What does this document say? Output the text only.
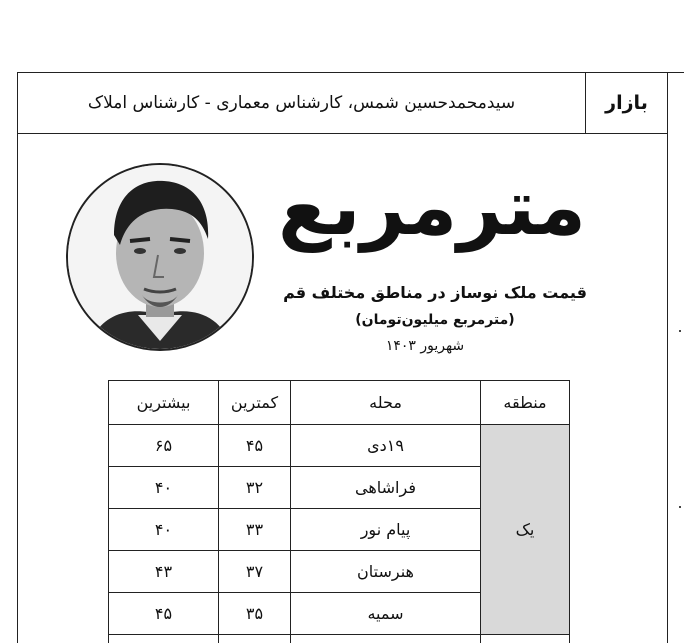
بازار
سیدمحمدحسین شمس، کارشناس معماری - کارشناس املاک
مترمربع
قیمت ملک نوساز در مناطق مختلف قم
(مترمربع میلیون‌تومان)
شهریور ۱۴۰۳
منطقه	محله	کمترین	بیشترین
یک	۱۹دی	۴۵	۶۵
	فراشاهی	۳۲	۴۰
	پیام نور	۳۳	۴۰
	هنرستان	۳۷	۴۳
	سمیه	۳۵	۴۵
